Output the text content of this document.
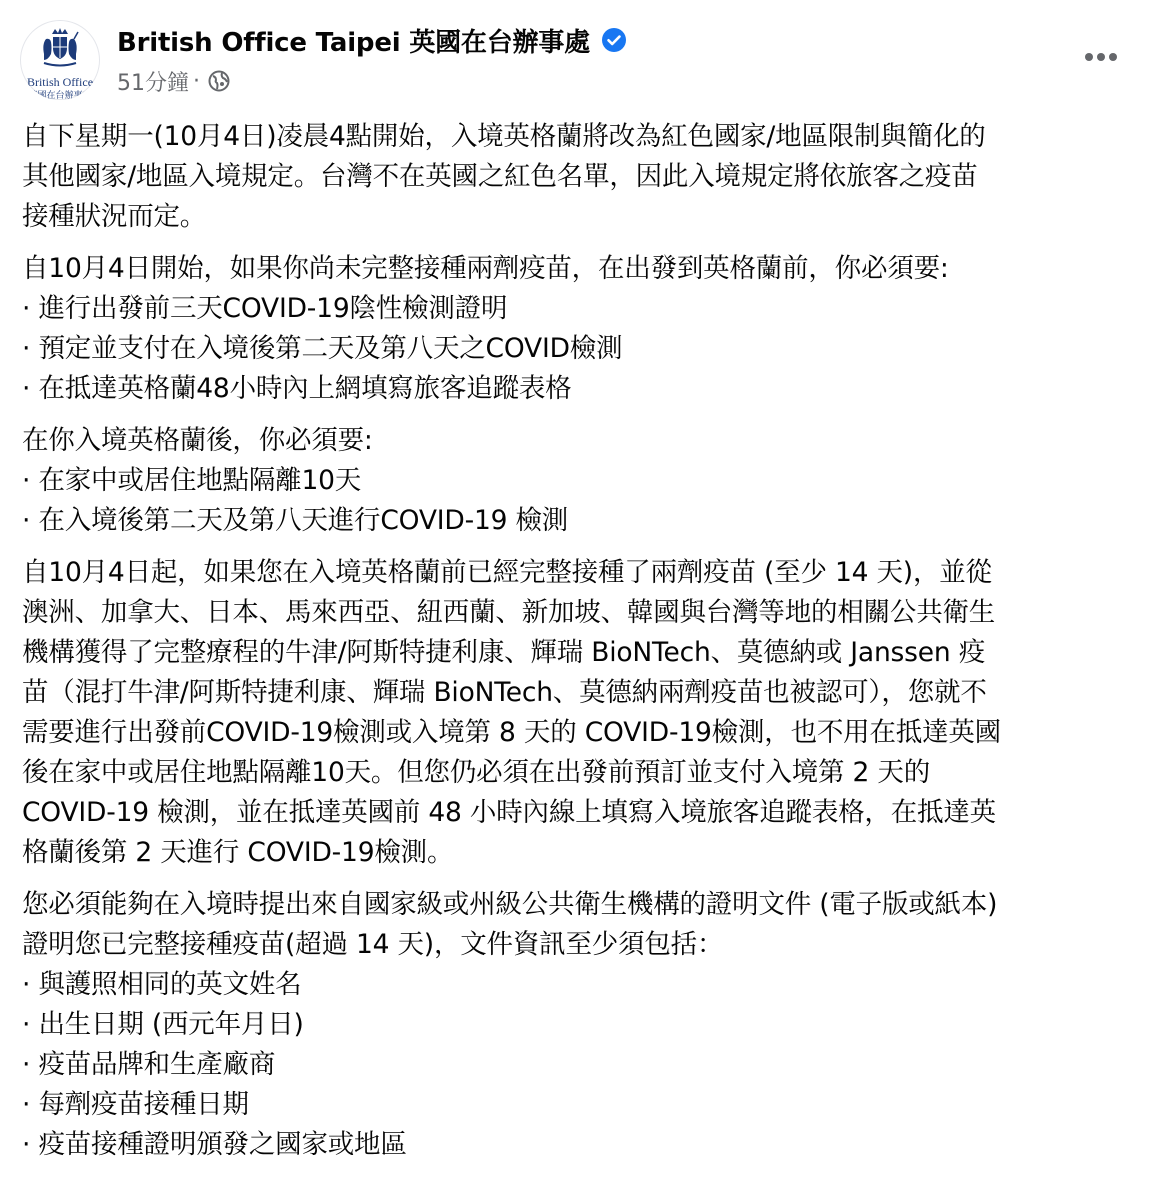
British Office
英國在台辦事處
British Office Taipei 英國在台辦事處
51分鐘 ·
自下星期一(10月4日)凌晨4點開始，入境英格蘭將改為紅色國家/地區限制與簡化的
其他國家/地區入境規定。台灣不在英國之紅色名單，因此入境規定將依旅客之疫苗
接種狀況而定。
自10月4日開始，如果你尚未完整接種兩劑疫苗，在出發到英格蘭前，你必須要:
· 進行出發前三天COVID-19陰性檢測證明
· 預定並支付在入境後第二天及第八天之COVID檢測
· 在抵達英格蘭48小時內上網填寫旅客追蹤表格
在你入境英格蘭後，你必須要:
· 在家中或居住地點隔離10天
· 在入境後第二天及第八天進行COVID-19 檢測
自10月4日起，如果您在入境英格蘭前已經完整接種了兩劑疫苗 (至少 14 天)，並從
澳洲、加拿大、日本、馬來西亞、紐西蘭、新加坡、韓國與台灣等地的相關公共衛生
機構獲得了完整療程的牛津/阿斯特捷利康、輝瑞 BioNTech、莫德納或 Janssen 疫
苗（混打牛津/阿斯特捷利康、輝瑞 BioNTech、莫德納兩劑疫苗也被認可），您就不
需要進行出發前COVID-19檢測或入境第 8 天的 COVID-19檢測，也不用在抵達英國
後在家中或居住地點隔離10天。但您仍必須在出發前預訂並支付入境第 2 天的
COVID-19 檢測，並在抵達英國前 48 小時內線上填寫入境旅客追蹤表格，在抵達英
格蘭後第 2 天進行 COVID-19檢測。
您必須能夠在入境時提出來自國家級或州級公共衛生機構的證明文件 (電子版或紙本)
證明您已完整接種疫苗(超過 14 天)，文件資訊至少須包括：
· 與護照相同的英文姓名
· 出生日期 (西元年月日)
· 疫苗品牌和生產廠商
· 每劑疫苗接種日期
· 疫苗接種證明頒發之國家或地區
